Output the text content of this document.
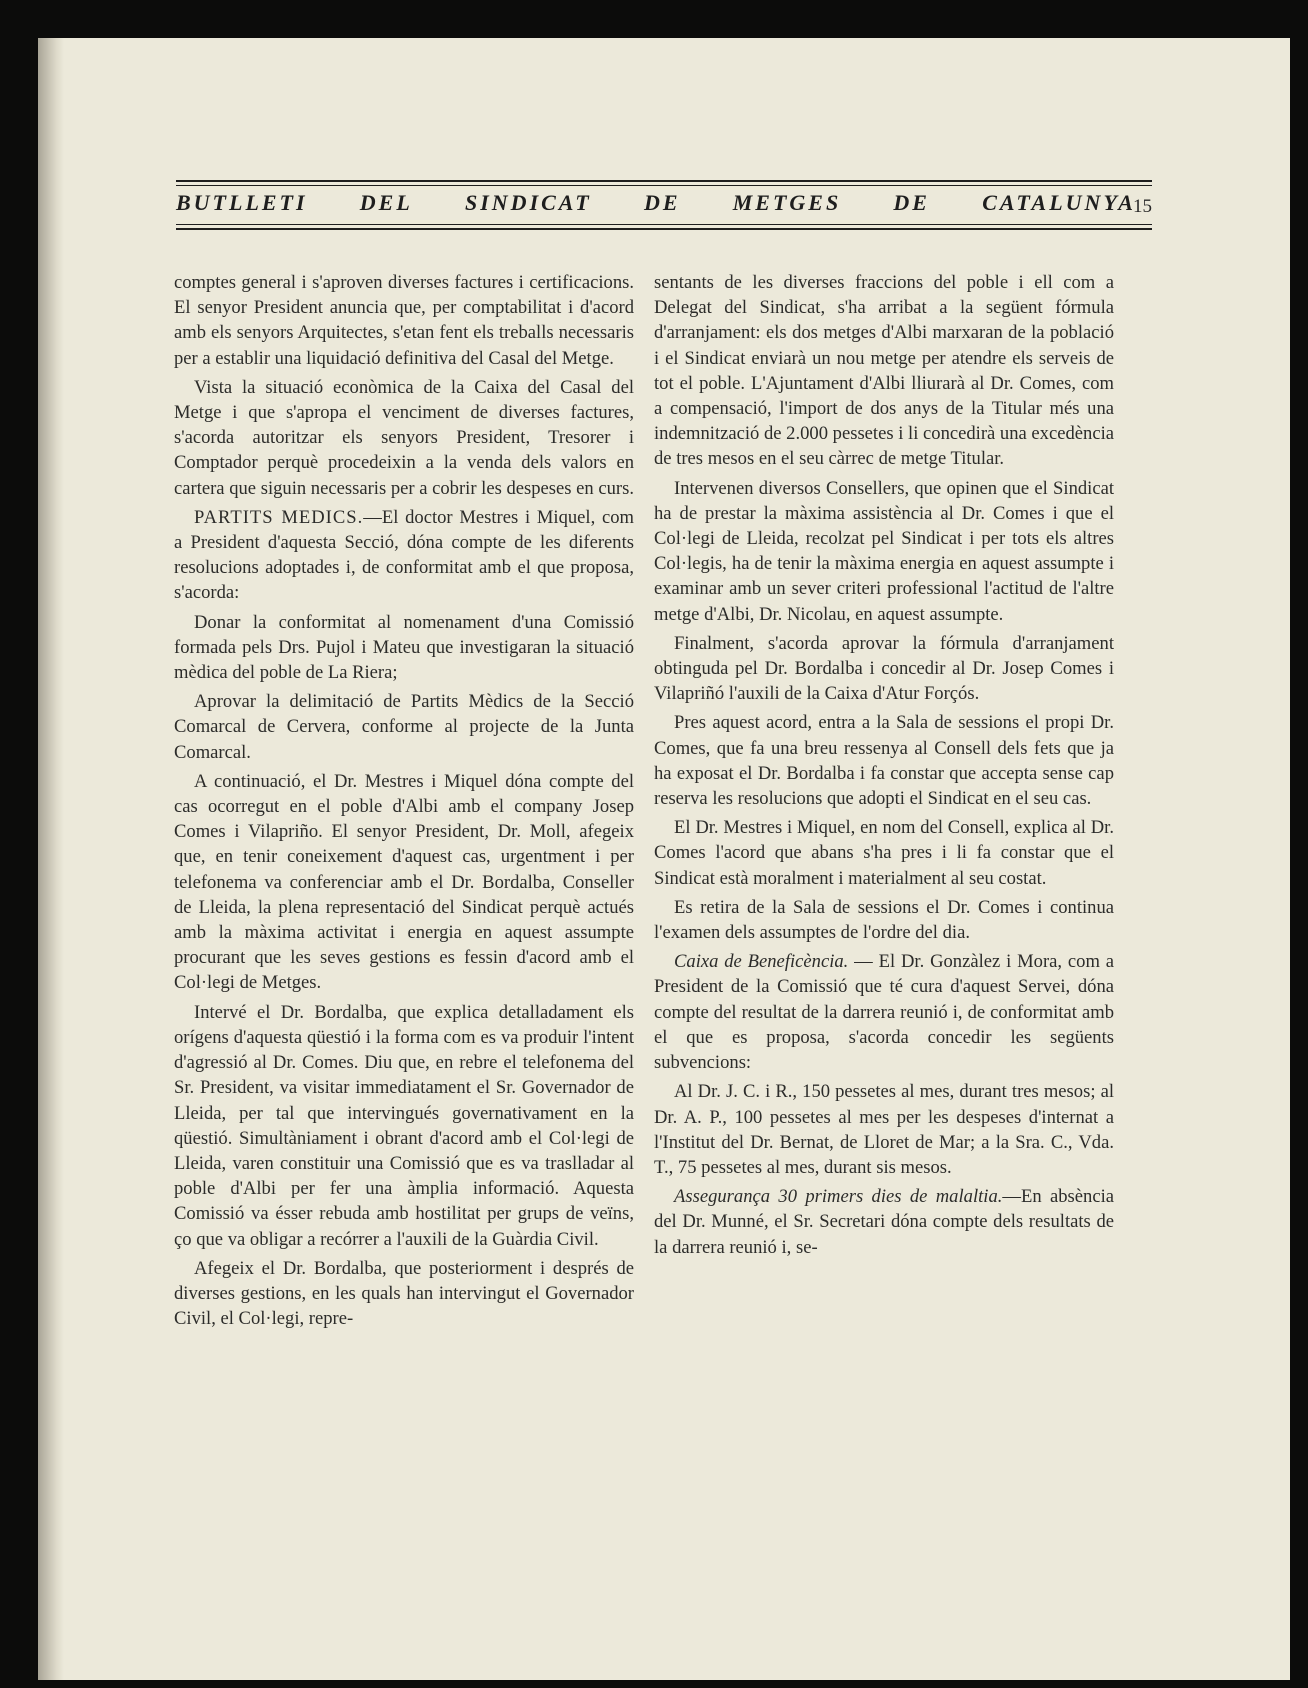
BUTLLETI DEL SINDICAT DE METGES DE CATALUNYA
15

comptes general i s'aproven diverses factures i certificacions. El senyor President anuncia que, per comptabilitat i d'acord amb els senyors Arquitectes, s'etan fent els treballs necessaris per a establir una liquidació definitiva del Casal del Metge.

Vista la situació econòmica de la Caixa del Casal del Metge i que s'apropa el venciment de diverses factures, s'acorda autoritzar els senyors President, Tresorer i Comptador perquè procedeixin a la venda dels valors en cartera que siguin necessaris per a cobrir les despeses en curs.

PARTITS MEDICS.—El doctor Mestres i Miquel, com a President d'aquesta Secció, dóna compte de les diferents resolucions adoptades i, de conformitat amb el que proposa, s'acorda:

Donar la conformitat al nomenament d'una Comissió formada pels Drs. Pujol i Mateu que investigaran la situació mèdica del poble de La Riera;

Aprovar la delimitació de Partits Mèdics de la Secció Comarcal de Cervera, conforme al projecte de la Junta Comarcal.

A continuació, el Dr. Mestres i Miquel dóna compte del cas ocorregut en el poble d'Albi amb el company Josep Comes i Vilapriño. El senyor President, Dr. Moll, afegeix que, en tenir coneixement d'aquest cas, urgentment i per telefonema va conferenciar amb el Dr. Bordalba, Conseller de Lleida, la plena representació del Sindicat perquè actués amb la màxima activitat i energia en aquest assumpte procurant que les seves gestions es fessin d'acord amb el Col·legi de Metges.

Intervé el Dr. Bordalba, que explica detalladament els orígens d'aquesta qüestió i la forma com es va produir l'intent d'agressió al Dr. Comes. Diu que, en rebre el telefonema del Sr. President, va visitar immediatament el Sr. Governador de Lleida, per tal que intervingués governativament en la qüestió. Simultàniament i obrant d'acord amb el Col·legi de Lleida, varen constituir una Comissió que es va traslladar al poble d'Albi per fer una àmplia informació. Aquesta Comissió va ésser rebuda amb hostilitat per grups de veïns, ço que va obligar a recórrer a l'auxili de la Guàrdia Civil.

Afegeix el Dr. Bordalba, que posteriorment i després de diverses gestions, en les quals han intervingut el Governador Civil, el Col·legi, repre-

sentants de les diverses fraccions del poble i ell com a Delegat del Sindicat, s'ha arribat a la següent fórmula d'arranjament: els dos metges d'Albi marxaran de la població i el Sindicat enviarà un nou metge per atendre els serveis de tot el poble. L'Ajuntament d'Albi lliurarà al Dr. Comes, com a compensació, l'import de dos anys de la Titular més una indemnització de 2.000 pessetes i li concedirà una excedència de tres mesos en el seu càrrec de metge Titular.

Intervenen diversos Consellers, que opinen que el Sindicat ha de prestar la màxima assistència al Dr. Comes i que el Col·legi de Lleida, recolzat pel Sindicat i per tots els altres Col·legis, ha de tenir la màxima energia en aquest assumpte i examinar amb un sever criteri professional l'actitud de l'altre metge d'Albi, Dr. Nicolau, en aquest assumpte.

Finalment, s'acorda aprovar la fórmula d'arranjament obtinguda pel Dr. Bordalba i concedir al Dr. Josep Comes i Vilapriñó l'auxili de la Caixa d'Atur Forçós.

Pres aquest acord, entra a la Sala de sessions el propi Dr. Comes, que fa una breu ressenya al Consell dels fets que ja ha exposat el Dr. Bordalba i fa constar que accepta sense cap reserva les resolucions que adopti el Sindicat en el seu cas.

El Dr. Mestres i Miquel, en nom del Consell, explica al Dr. Comes l'acord que abans s'ha pres i li fa constar que el Sindicat està moralment i materialment al seu costat.

Es retira de la Sala de sessions el Dr. Comes i continua l'examen dels assumptes de l'ordre del dia.

Caixa de Beneficència. — El Dr. Gonzàlez i Mora, com a President de la Comissió que té cura d'aquest Servei, dóna compte del resultat de la darrera reunió i, de conformitat amb el que es proposa, s'acorda concedir les següents subvencions:

Al Dr. J. C. i R., 150 pessetes al mes, durant tres mesos; al Dr. A. P., 100 pessetes al mes per les despeses d'internat a l'Institut del Dr. Bernat, de Lloret de Mar; a la Sra. C., Vda. T., 75 pessetes al mes, durant sis mesos.

Assegurança 30 primers dies de malaltia.—En absència del Dr. Munné, el Sr. Secretari dóna compte dels resultats de la darrera reunió i, se-
